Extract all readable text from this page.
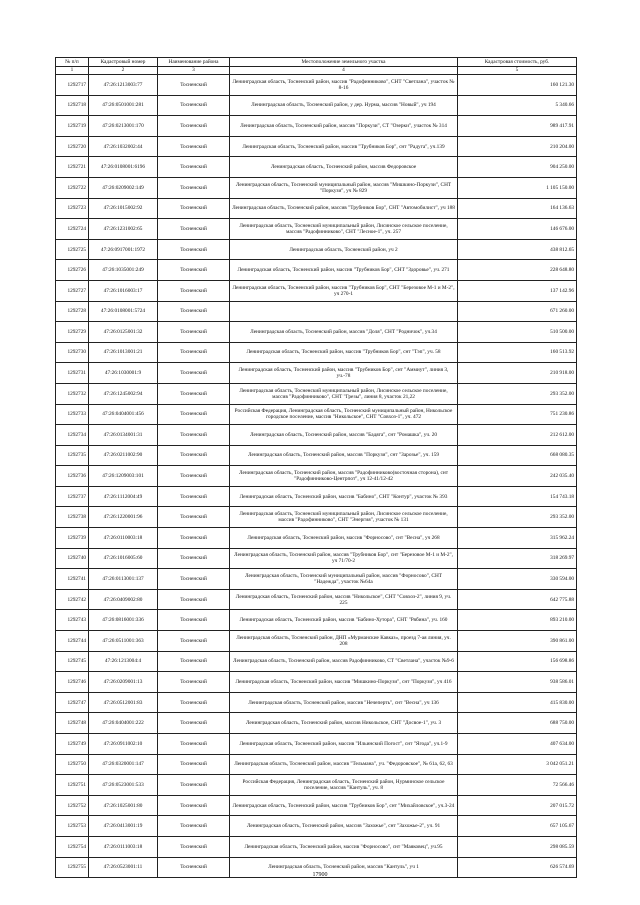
№ п/п	Кадастровый номер	Наименование района	Местоположение земельного участка	Кадастровая стоимость, руб.
1	2	3	4	5
1292717	47:26:1213003:77	Тосненский	Ленинградская область, Тосненский район, массив "Радофинниково", СНТ "Светлана", участок № 8-16	160 121.30
1292718	47:26:0501001:281	Тосненский	Ленинградская область, Тосненский район, у дер. Нурма, массив "Новый", уч 194	5 340.66
1292719	47:26:0213001:170	Тосненский	Ленинградская область, Тосненский район, массив "Поркузи", СТ "Озерки", участок № 314	989 417.91
1292720	47:26:1032002:44	Тосненский	Ленинградская область, Тосненский район, массив "Трубников Бор", снт "Радуга", уч.139	210 204.00
1292721	47:26:0108001:6196	Тосненский	Ленинградская область, Тосненский район, массив Федоровское	904 250.00
1292722	47:26:0209002:149	Тосненский	Ленинградская область, Тосненский муниципальный район, массив "Мишкино-Поркузи", СНТ "Поркузи", уч № 829	1 105 150.00
1292723	47:26:1015002:92	Тосненский	Ленинградская область, Тосненский район, массив "Трубников Бор", СНТ "Автомобилист", уч 188	164 136.63
1292724	47:26:1231002:65	Тосненский	Ленинградская область, Тосненский муниципальный район, Лисинское сельское поселение, массив "Радофинниково", СНТ "Лесное-1", уч. 257	146 676.00
1292725	47:26:0917001:1972	Тосненский	Ленинградская область, Тосненский район, уч 2	438 812.65
1292726	47:26:1035001:249	Тосненский	Ленинградская область, Тосненский район, массив "Трубников Бор", СНТ "Здоровье", уч. 271	228 648.80
1292727	47:26:1016003:17	Тосненский	Ленинградская область, Тосненский район, массив "Трубников Бор", СНТ "Березовое М-1 и М-2", уч 270-1	137 142.96
1292728	47:26:0108001:5724	Тосненский		671 260.00
1292729	47:26:0125001:32	Тосненский	Ленинградская область, Тосненский район, массив "Доля", СНТ "Родничок", уч.34	510 500.00
1292730	47:26:1013001:21	Тосненский	Ленинградская область, Тосненский район, массив "Трубников Бор", снт "Тэп", уч. 58	160 513.92
1292731	47:26:1030001:9	Тосненский	Ленинградская область, Тосненский район, массив "Трубников Бор", снт "Аммиут", линия 3, уч.-78	210 918.00
1292732	47:26:1245002:94	Тосненский	Ленинградская область, Тосненский муниципальный район, Лисинское сельское поселение, массив "Радофинниково", СНТ "Грезы", линия 8, участок 21,22	293 352.00
1292733	47:26:0404001:456	Тосненский	Российская Федерация, Ленинградская область, Тосненский муниципальный район, Никольское городское поселение, массив "Никольское", СНТ "Совхоз-1", уч. 472	751 230.86
1292734	47:26:0134001:31	Тосненский	Ленинградская область, Тосненский район, массив "Бадяга", снт "Ромашка", уч. 20	212 612.00
1292735	47:26:0211002:90	Тосненский	Ленинградская область, Тосненский район, массив "Поркузи", снт "Зарозье", уч. 159	668 080.35
1292736	47:26:1209003:101	Тосненский	Ленинградская область, Тосненский район, массив "Радофинниково(восточная сторона), снт "Радофинниково-Центрпот", уч 12-41/12-42	242 035.40
1292737	47:26:1112004:49	Тосненский	Ленинградская область, Тосненский район, массив "Бабино", СНТ "Контур", участок № 393	154 743.18
1292738	47:26:1220001:96	Тосненский	Ленинградская область, Тосненский муниципальный район, Лисинское сельское поселение, массив "Радофинниково", СНТ "Энергия", участок № 131	293 352.00
1292739	47:26:0110003:18	Тосненский	Ленинградская область, Тосненский район, массив "Форносово", снт "Весна", уч 268	315 962.24
1292740	47:26:1016005:60	Тосненский	Ленинградская область, Тосненский район, массив "Трубников Бор", снт "Березовое М-1 и М-2", уч 71/70-2	318 269.97
1292741	47:26:0113001:137	Тосненский	Ленинградская область, Тосненский муниципальный район, массив "Форносово", СНТ "Надежда", участок №64а	330 594.00
1292742	47:26:0409002:80	Тосненский	Ленинградская область, Тосненский район, массив "Никольское", СНТ "Совхоз-2", линия 9, уч. 225	642 775.88
1292743	47:26:0816001:336	Тосненский	Ленинградская область, Тосненский район, массив "Бабино-Хутора", СНТ "Рябина", уч. 160	893 210.00
1292744	47:26:0511001:363	Тосненский	Ленинградская область, Тосненский район, ДНП «Мурманские Кавказ», проезд 7-ая линия, уч. 208	390 861.00
1292745	47:26:1213004:4	Тосненский	Ленинградская область, Тосненский район, массив Радофинниково, СТ "Светлана", участок №9-6	156 698.86
1292746	47:26:0209001:13	Тосненский	Ленинградская область, Тосненский район, массив "Мишкино-Поркузи", снт "Поркузи", уч 416	938 586.01
1292747	47:26:0512001:83	Тосненский	Ленинградская область, Тосненский район, массив "Нечеперть", снт "Весна", уч 136	415 830.00
1292748	47:26:0404001:222	Тосненский	Ленинградская область, Тосненский район, массив Никольское, СНТ "Досвое-1", уч. 3	688 750.00
1292749	47:26:0911002:10	Тосненский	Ленинградская область, Тосненский район, массив "Ильинский Погост", снт "Ягода", уч.1-9	407 634.00
1292750	47:26:0320001:147	Тосненский	Ленинградская область, Тосненский район, массив "Тельмана", уч. "Федоровское", № 61а, 62, 63	3 042 051.21
1292751	47:26:0523001:533	Тосненский	Российская Федерация, Ленинградская область, Тосненский район, Нурминское сельское поселение, массив "Кантуль", уч. 8	72 566.46
1292752	47:26:1025001:80	Тосненский	Ленинградская область, Тосненский район, массив "Трубников Бор", снт "Михайловское", уч.3-24	207 015.72
1292753	47:26:0413001:19	Тосненский	Ленинградская область, Тосненский район, массив "Захожье", снт "Захожье-2", уч. 91	657 105.67
1292754	47:26:0111003:18	Тосненский	Ленинградская область, Тосненский район, массив "Форносово", снт "Маяковец", уч.95	298 085.59
1292755	47:26:0523001:11	Тосненский	Ленинградская область, Тосненский район, массив "Кантуль", уч 1	626 574.69
17900
